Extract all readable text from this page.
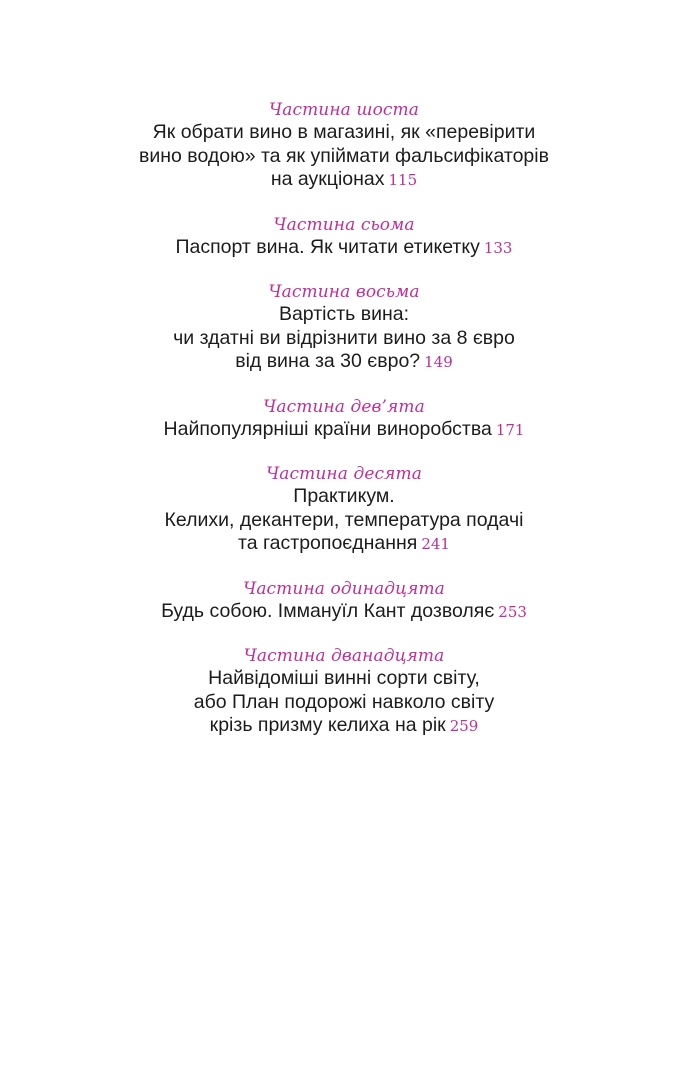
Частина шоста
Як обрати вино в магазині, як «перевірити
вино водою» та як упіймати фальсифікаторів
на аукціонах 115
Частина сьома
Паспорт вина. Як читати етикетку 133
Частина восьма
Вартість вина:
чи здатні ви відрізнити вино за 8 євро
від вина за 30 євро? 149
Частина дев’ята
Найпопулярніші країни виноробства 171
Частина десята
Практикум.
Келихи, декантери, температура подачі
та гастропоєднання 241
Частина одинадцята
Будь собою. Іммануїл Кант дозволяє 253
Частина дванадцята
Найвідоміші винні сорти світу,
або План подорожі навколо світу
крізь призму келиха на рік 259
